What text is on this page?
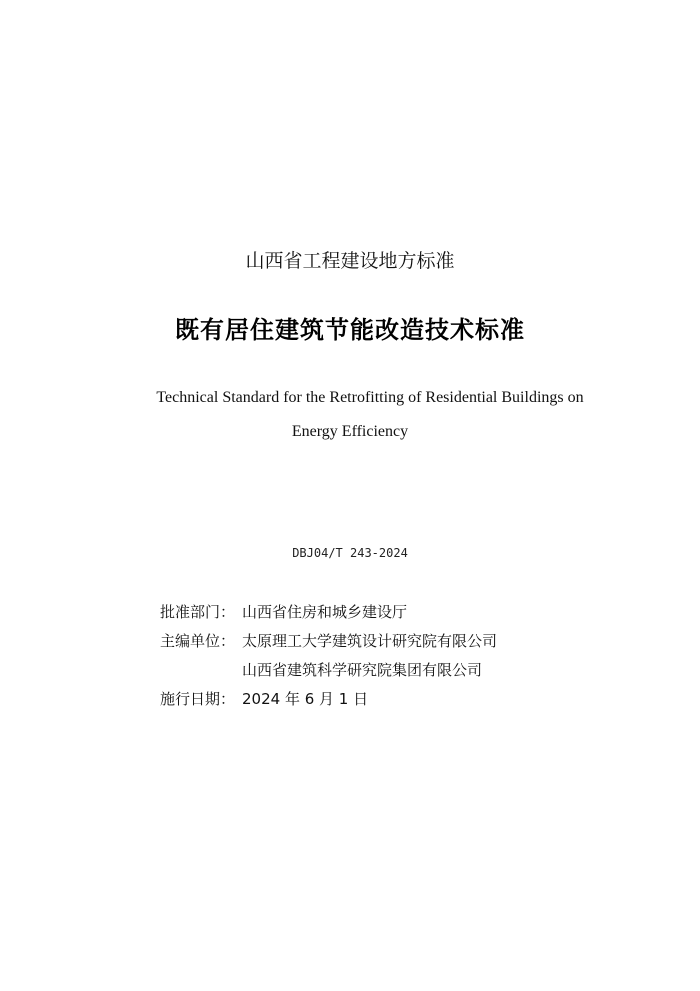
山西省工程建设地方标准
既有居住建筑节能改造技术标准
Technical Standard for the Retrofitting of Residential Buildings on
Energy Efficiency
DBJ04/T 243-2024
批准部门： 山西省住房和城乡建设厅
主编单位： 太原理工大学建筑设计研究院有限公司
山西省建筑科学研究院集团有限公司
施行日期： 2024 年 6 月 1 日
